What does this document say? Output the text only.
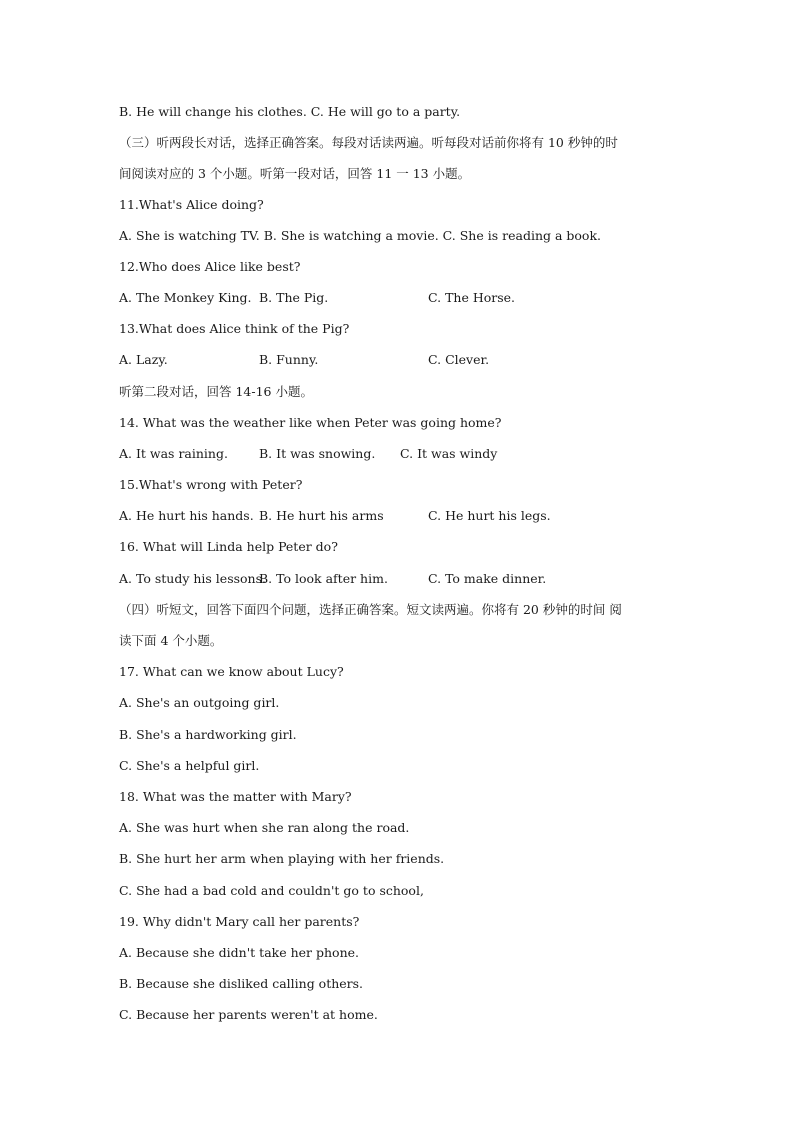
B. He will change his clothes. C. He will go to a party.
（三）听两段长对话，选择正确答案。每段对话读两遍。听每段对话前你将有 10 秒钟的时
间阅读对应的 3 个小题。听第一段对话，回答 11 一 13 小题。
11.What's Alice doing?
A. She is watching TV. B. She is watching a movie. C. She is reading a book.
12.Who does Alice like best?
A. The Monkey King. B. The Pig.	C. The Horse.
13.What does Alice think of the Pig?
A. Lazy.	B. Funny.	C. Clever.
听第二段对话，回答 14-16 小题。
14. What was the weather like when Peter was going home?
A. It was raining. B. It was snowing. C. It was windy
15.What's wrong with Peter?
A. He hurt his hands. B. He hurt his arms	C. He hurt his legs.
16. What will Linda help Peter do?
A. To study his lessons.
B. To look after him.	C. To make dinner.
（四）听短文，回答下面四个问题，选择正确答案。短文读两遍。你将有 20 秒钟的时间 阅
读下面 4 个小题。
17. What can we know about Lucy?
A. She's an outgoing girl.
B. She's a hardworking girl.
C. She's a helpful girl.
18. What was the matter with Mary?
A. She was hurt when she ran along the road.
B. She hurt her arm when playing with her friends.
C. She had a bad cold and couldn't go to school,
19. Why didn't Mary call her parents?
A. Because she didn't take her phone.
B. Because she disliked calling others.
C. Because her parents weren't at home.
